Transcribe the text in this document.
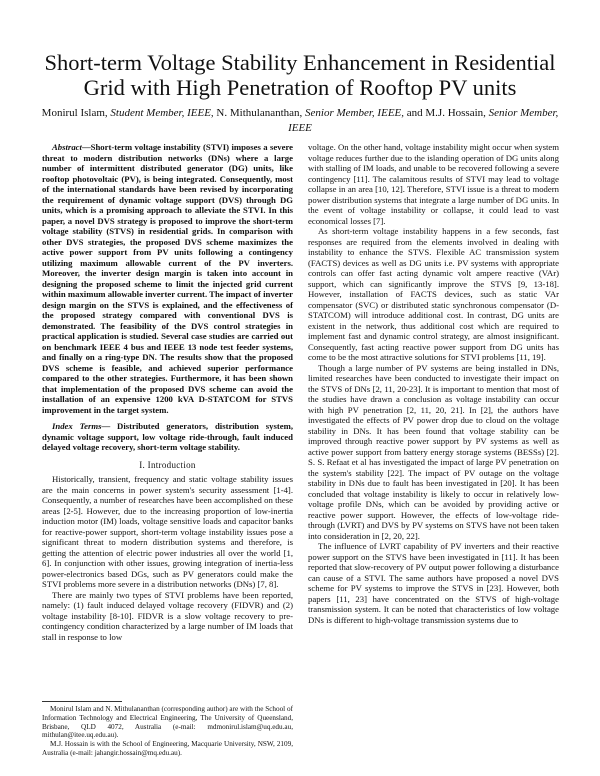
Short-term Voltage Stability Enhancement in Residential Grid with High Penetration of Rooftop PV units

Monirul Islam, Student Member, IEEE, N. Mithulananthan, Senior Member, IEEE, and M.J. Hossain, Senior Member, IEEE

Abstract—Short-term voltage instability (STVI) imposes a severe threat to modern distribution networks (DNs) where a large number of intermittent distributed generator (DG) units, like rooftop photovoltaic (PV), is being integrated. Consequently, most of the international standards have been revised by incorporating the requirement of dynamic voltage support (DVS) through DG units, which is a promising approach to alleviate the STVI. In this paper, a novel DVS strategy is proposed to improve the short-term voltage stability (STVS) in residential grids. In comparison with other DVS strategies, the proposed DVS scheme maximizes the active power support from PV units following a contingency utilizing maximum allowable current of the PV inverters. Moreover, the inverter design margin is taken into account in designing the proposed scheme to limit the injected grid current within maximum allowable inverter current. The impact of inverter design margin on the STVS is explained, and the effectiveness of the proposed strategy compared with conventional DVS is demonstrated. The feasibility of the DVS control strategies in practical application is studied. Several case studies are carried out on benchmark IEEE 4 bus and IEEE 13 node test feeder systems, and finally on a ring-type DN. The results show that the proposed DVS scheme is feasible, and achieved superior performance compared to the other strategies. Furthermore, it has been shown that implementation of the proposed DVS scheme can avoid the installation of an expensive 1200 kVA D-STATCOM for STVS improvement in the target system.

Index Terms— Distributed generators, distribution system, dynamic voltage support, low voltage ride-through, fault induced delayed voltage recovery, short-term voltage stability.

I. Introduction

Historically, transient, frequency and static voltage stability issues are the main concerns in power system's security assessment [1-4]. Consequently, a number of researches have been accomplished on these areas [2-5]. However, due to the increasing proportion of low-inertia induction motor (IM) loads, voltage sensitive loads and capacitor banks for reactive-power support, short-term voltage instability issues pose a significant threat to modern distribution systems and therefore, is getting the attention of electric power industries all over the world [1, 6]. In conjunction with other issues, growing integration of inertia-less power-electronics based DGs, such as PV generators could make the STVI problems more severe in a distribution networks (DNs) [7, 8].

There are mainly two types of STVI problems have been reported, namely: (1) fault induced delayed voltage recovery (FIDVR) and (2) voltage instability [8-10]. FIDVR is a slow voltage recovery to pre-contingency condition characterized by a large number of IM loads that stall in response to low

Monirul Islam and N. Mithulananthan (corresponding author) are with the School of Information Technology and Electrical Engineering, The University of Queensland, Brisbane, QLD 4072, Australia (e-mail: mdmonirul.islam@uq.edu.au, mithulan@itee.uq.edu.au).

M.J. Hossain is with the School of Engineering, Macquarie University, NSW, 2109, Australia (e-mail: jahangir.hossain@mq.edu.au).

voltage. On the other hand, voltage instability might occur when system voltage reduces further due to the islanding operation of DG units along with stalling of IM loads, and unable to be recovered following a severe contingency [11]. The calamitous results of STVI may lead to voltage collapse in an area [10, 12]. Therefore, STVI issue is a threat to modern power distribution systems that integrate a large number of DG units. In the event of voltage instability or collapse, it could lead to vast economical losses [7].

As short-term voltage instability happens in a few seconds, fast responses are required from the elements involved in dealing with instability to enhance the STVS. Flexible AC transmission system (FACTS) devices as well as DG units i.e. PV systems with appropriate controls can offer fast acting dynamic volt ampere reactive (VAr) support, which can significantly improve the STVS [9, 13-18]. However, installation of FACTS devices, such as static VAr compensator (SVC) or distributed static synchronous compensator (D-STATCOM) will introduce additional cost. In contrast, DG units are existent in the network, thus additional cost which are required to implement fast and dynamic control strategy, are almost insignificant. Consequently, fast acting reactive power support from DG units has come to be the most attractive solutions for STVI problems [11, 19].

Though a large number of PV systems are being installed in DNs, limited researches have been conducted to investigate their impact on the STVS of DNs [2, 11, 20-23]. It is important to mention that most of the studies have drawn a conclusion as voltage instability can occur with high PV penetration [2, 11, 20, 21]. In [2], the authors have investigated the effects of PV power drop due to cloud on the voltage stability in DNs. It has been found that voltage stability can be improved through reactive power support by PV systems as well as active power support from battery energy storage systems (BESSs) [2]. S. S. Refaat et al has investigated the impact of large PV penetration on the system's stability [22]. The impact of PV outage on the voltage stability in DNs due to fault has been investigated in [20]. It has been concluded that voltage instability is likely to occur in relatively low-voltage profile DNs, which can be avoided by providing active or reactive power support. However, the effects of low-voltage ride-through (LVRT) and DVS by PV systems on STVS have not been taken into consideration in [2, 20, 22].

The influence of LVRT capability of PV inverters and their reactive power support on the STVS have been investigated in [11]. It has been reported that slow-recovery of PV output power following a disturbance can cause of a STVI. The same authors have proposed a novel DVS scheme for PV systems to improve the STVS in [23]. However, both papers [11, 23] have concentrated on the STVS of high-voltage transmission system. It can be noted that characteristics of low voltage DNs is different to high-voltage transmission systems due to
